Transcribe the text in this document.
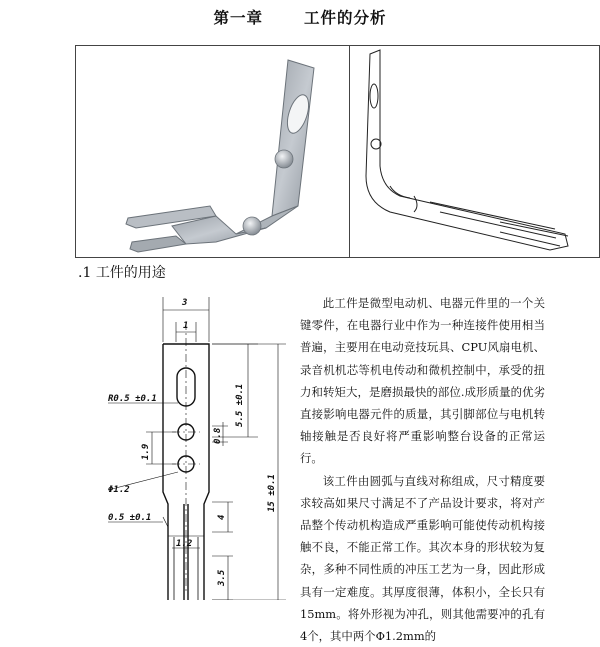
第一章　 工件的分析
.1 工件的用途
3
1
R0.5 ±0.1	5.5 ±0.1
1.9
0.8
Φ1.2
0.5 ±0.1
15 ±0.1
4
3.5
1.2

此工件是微型电动机、电器元件里的一个关键零件，在电器行业中作为一种连接件使用相当普遍，主要用在电动竞技玩具、CPU风扇电机、录音机机芯等机电传动和微机控制中，承受的扭力和转矩大，是磨损最快的部位.成形质量的优劣直接影响电器元件的质量，其引脚部位与电机转轴接触是否良好将严重影响整台设备的正常运行。

该工件由圆弧与直线对称组成，尺寸精度要求较高如果尺寸满足不了产品设计要求，将对产品整个传动机构造成严重影响可能使传动机构接触不良，不能正常工作。其次本身的形状较为复杂，多种不同性质的冲压工艺为一身，因此形成具有一定难度。其厚度很薄，体积小，全长只有15mm。将外形视为冲孔，则其他需要冲的孔有4个，其中两个Φ1.2mm的
